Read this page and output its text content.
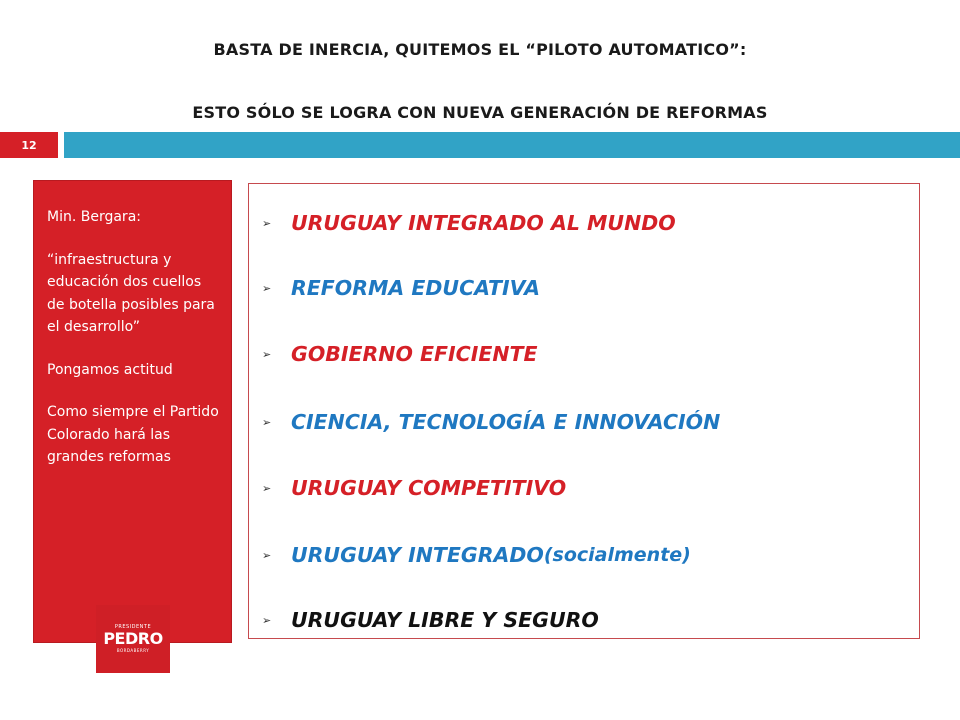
BASTA DE INERCIA, QUITEMOS EL “PILOTO AUTOMATICO”:
ESTO SÓLO SE LOGRA CON NUEVA GENERACIÓN DE REFORMAS
12

Min. Bergara:

“infraestructura y educación dos cuellos de botella posibles para el desarrollo”

Pongamos actitud

Como siempre el Partido Colorado hará las grandes reformas

PRESIDENTE
PEDRO
BORDABERRY
➢ URUGUAY INTEGRADO AL MUNDO
➢ REFORMA EDUCATIVA
➢ GOBIERNO EFICIENTE
➢ CIENCIA, TECNOLOGÍA E INNOVACIÓN
➢ URUGUAY COMPETITIVO
➢ URUGUAY INTEGRADO (socialmente)
➢ URUGUAY LIBRE Y SEGURO
